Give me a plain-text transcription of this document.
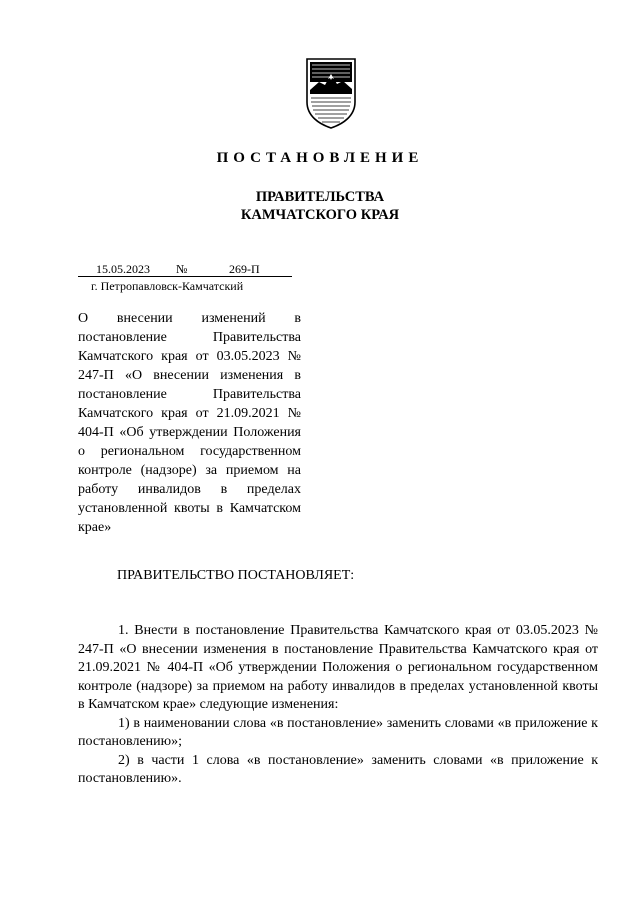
ПОСТАНОВЛЕНИЕ
ПРАВИТЕЛЬСТВА
КАМЧАТСКОГО КРАЯ
15.05.2023 №	269-П
г. Петропавловск-Камчатский
О внесении изменений в постановление Правительства Камчатского края от 03.05.2023 № 247-П «О внесении изменения в постановление Правительства Камчатского края от 21.09.2021 № 404-П «Об утверждении Положения о региональном государственном контроле (надзоре) за приемом на работу инвалидов в пределах установленной квоты в Камчатском крае»
ПРАВИТЕЛЬСТВО ПОСТАНОВЛЯЕТ:

1. Внести в постановление Правительства Камчатского края от 03.05.2023 № 247-П «О внесении изменения в постановление Правительства Камчатского края от 21.09.2021 № 404-П «Об утверждении Положения о региональном государственном контроле (надзоре) за приемом на работу инвалидов в пределах установленной квоты в Камчатском крае» следующие изменения:

1) в наименовании слова «в постановление» заменить словами «в приложение к постановлению»;

2) в части 1 слова «в постановление» заменить словами «в приложение к постановлению».
